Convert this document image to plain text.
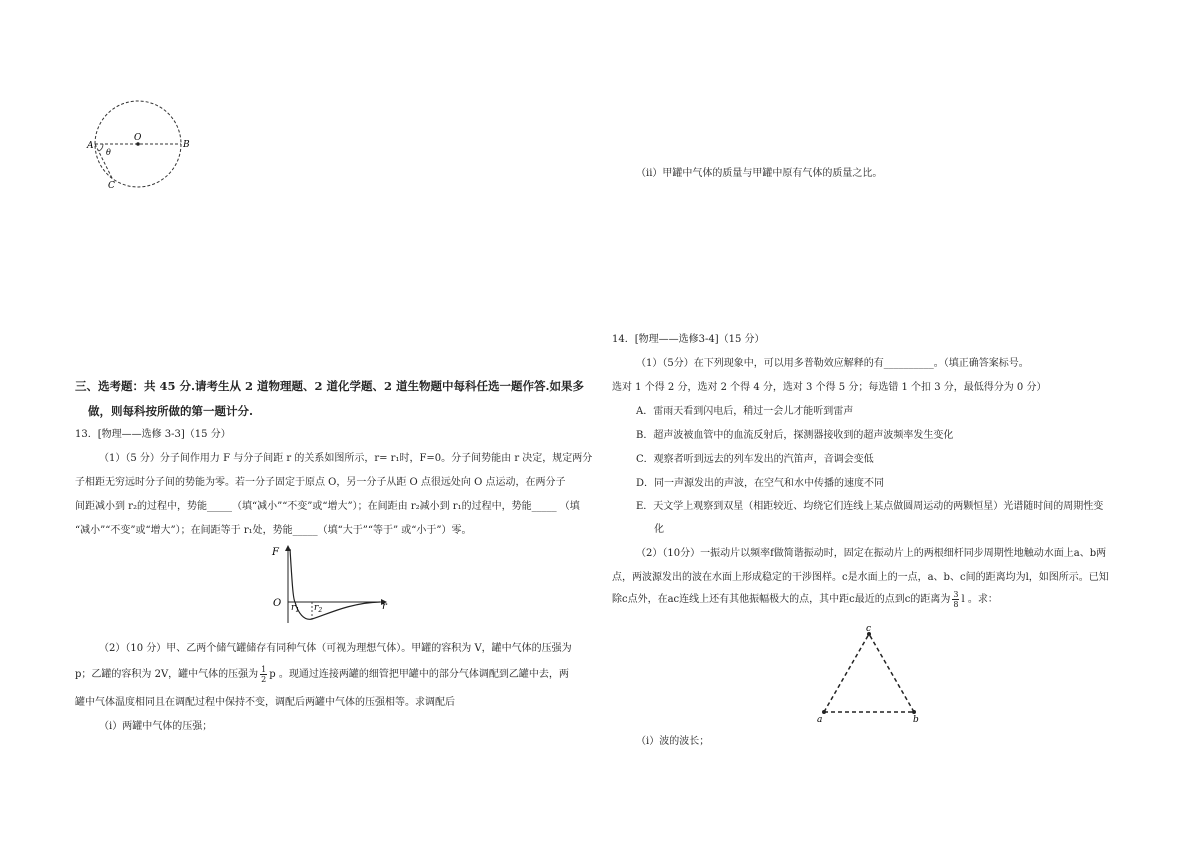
O
A	B
C
θ
三、选考题：共 45 分.请考生从 2 道物理题、2 道化学题、2 道生物题中每科任选一题作答.如果多
做，则每科按所做的第一题计分.
13．[物理——选修 3-3]（15 分）
（1）（5 分）分子间作用力 F 与分子间距 r 的关系如图所示，r= r₁时，F=0。分子间势能由 r 决定，规定两分
子相距无穷远时分子间的势能为零。若一分子固定于原点 O，另一分子从距 O 点很远处向 O 点运动，在两分子
间距减小到 r₂的过程中，势能_____（填“减小”“不变”或“增大”）；在间距由 r₂减小到 r₁的过程中，势能_____ （填
“减小”“不变”或“增大”）；在间距等于 r₁处，势能_____（填“大于”“等于” 或“小于”）零。
F
O $r_1$ $r_2$	r
（2）（10 分）甲、乙两个储气罐储存有同种气体（可视为理想气体）。甲罐的容积为 V，罐中气体的压强为
p；乙罐的容积为 2V，罐中气体的压强为 $\frac{1}{2}$ p 。现通过连接两罐的细管把甲罐中的部分气体调配到乙罐中去，两
罐中气体温度相同且在调配过程中保持不变，调配后两罐中气体的压强相等。求调配后
（i）两罐中气体的压强；
（ii）甲罐中气体的质量与甲罐中原有气体的质量之比。
14．[物理——选修3-4]（15 分）
（1）（5分）在下列现象中，可以用多普勒效应解释的有__________。（填正确答案标号。
选对 1 个得 2 分，选对 2 个得 4 分，选对 3 个得 5 分；每选错 1 个扣 3 分，最低得分为 0 分）
A．雷雨天看到闪电后，稍过一会儿才能听到雷声
B．超声波被血管中的血流反射后，探测器接收到的超声波频率发生变化
C．观察者听到远去的列车发出的汽笛声，音调会变低
D．同一声源发出的声波，在空气和水中传播的速度不同
E．天文学上观察到双星（相距较近、均绕它们连线上某点做圆周运动的两颗恒星）光谱随时间的周期性变
化
（2）（10分）一振动片以频率f做简谐振动时，固定在振动片上的两根细杆同步周期性地触动水面上a、b两
点，两波源发出的波在水面上形成稳定的干涉图样。c是水面上的一点，a、b、c间的距离均为l，如图所示。已知
除c点外，在ac连线上还有其他振幅极大的点，其中距c最近的点到c的距离为 $\frac{3}{8}$ l 。求：
a	b
c
（i）波的波长；
